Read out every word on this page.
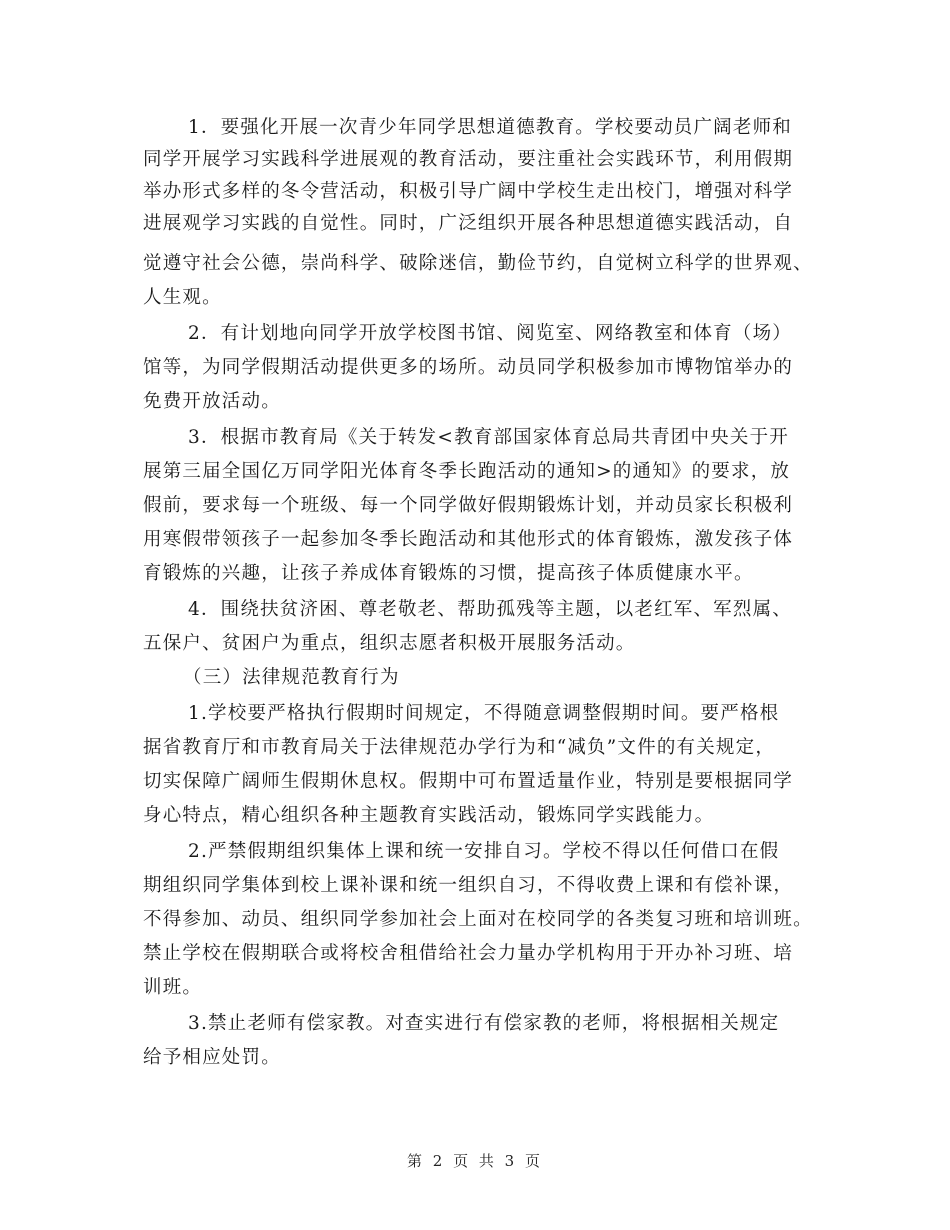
1．要强化开展一次青少年同学思想道德教育。学校要动员广阔老师和
同学开展学习实践科学进展观的教育活动，要注重社会实践环节，利用假期
举办形式多样的冬令营活动，积极引导广阔中学校生走出校门，增强对科学
进展观学习实践的自觉性。同时，广泛组织开展各种思想道德实践活动，自
觉遵守社会公德，崇尚科学、破除迷信，勤俭节约，自觉树立科学的世界观、
人生观。
2．有计划地向同学开放学校图书馆、阅览室、网络教室和体育（场）
馆等，为同学假期活动提供更多的场所。动员同学积极参加市博物馆举办的
免费开放活动。
3．根据市教育局《关于转发<教育部国家体育总局共青团中央关于开
展第三届全国亿万同学阳光体育冬季长跑活动的通知>的通知》的要求，放
假前，要求每一个班级、每一个同学做好假期锻炼计划，并动员家长积极利
用寒假带领孩子一起参加冬季长跑活动和其他形式的体育锻炼，激发孩子体
育锻炼的兴趣，让孩子养成体育锻炼的习惯，提高孩子体质健康水平。
4．围绕扶贫济困、尊老敬老、帮助孤残等主题，以老红军、军烈属、
五保户、贫困户为重点，组织志愿者积极开展服务活动。
（三）法律规范教育行为
1.学校要严格执行假期时间规定，不得随意调整假期时间。要严格根
据省教育厅和市教育局关于法律规范办学行为和“减负”文件的有关规定，
切实保障广阔师生假期休息权。假期中可布置适量作业，特别是要根据同学
身心特点，精心组织各种主题教育实践活动，锻炼同学实践能力。
2.严禁假期组织集体上课和统一安排自习。学校不得以任何借口在假
期组织同学集体到校上课补课和统一组织自习，不得收费上课和有偿补课，
不得参加、动员、组织同学参加社会上面对在校同学的各类复习班和培训班。
禁止学校在假期联合或将校舍租借给社会力量办学机构用于开办补习班、培
训班。
3.禁止老师有偿家教。对查实进行有偿家教的老师，将根据相关规定
给予相应处罚。
第 2 页 共 3 页
